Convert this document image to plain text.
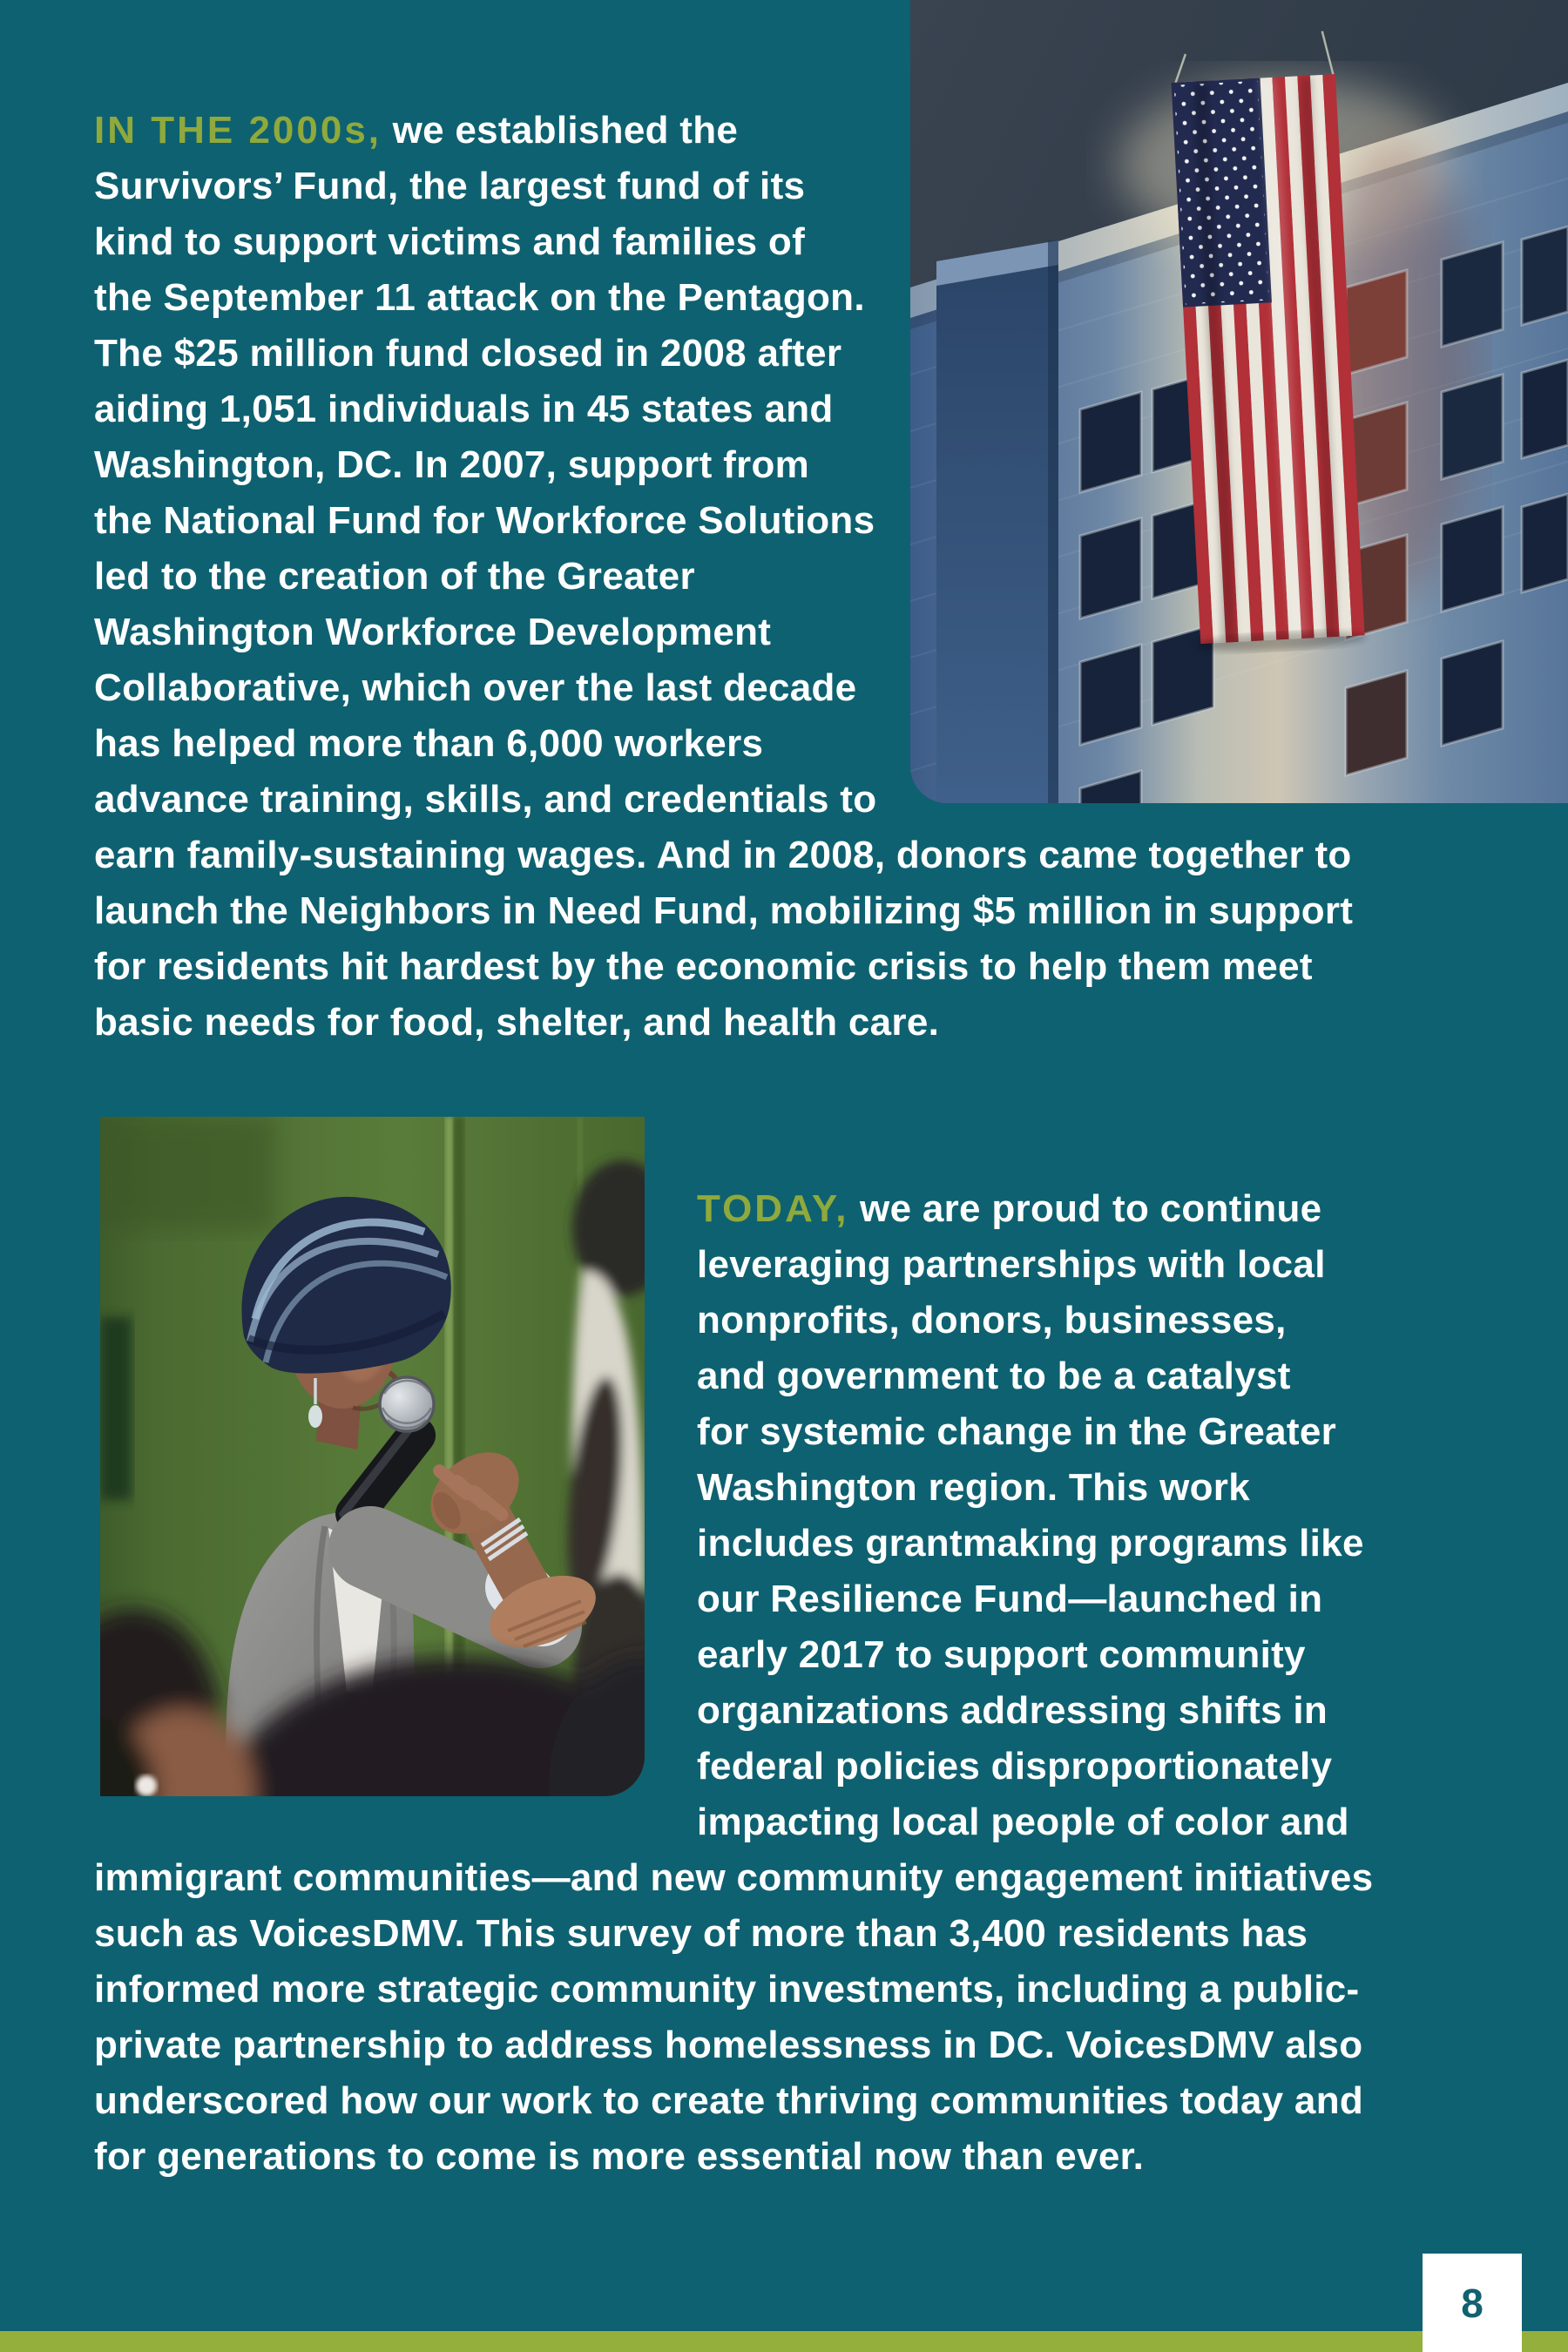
IN THE 2000s, we established the
Survivors’ Fund, the largest fund of its
kind to support victims and families of
the September 11 attack on the Pentagon.
The $25 million fund closed in 2008 after
aiding 1,051 individuals in 45 states and
Washington, DC. In 2007, support from
the National Fund for Workforce Solutions
led to the creation of the Greater
Washington Workforce Development
Collaborative, which over the last decade
has helped more than 6,000 workers
advance training, skills, and credentials to
earn family-sustaining wages. And in 2008, donors came together to
launch the Neighbors in Need Fund, mobilizing $5 million in support
for residents hit hardest by the economic crisis to help them meet
basic needs for food, shelter, and health care.
TODAY, we are proud to continue
leveraging partnerships with local
nonprofits, donors, businesses,
and government to be a catalyst
for systemic change in the Greater
Washington region. This work
includes grantmaking programs like
our Resilience Fund—launched in
early 2017 to support community
organizations addressing shifts in
federal policies disproportionately
impacting local people of color and
immigrant communities—and new community engagement initiatives
such as VoicesDMV. This survey of more than 3,400 residents has
informed more strategic community investments, including a public-
private partnership to address homelessness in DC. VoicesDMV also
underscored how our work to create thriving communities today and
for generations to come is more essential now than ever.
8
